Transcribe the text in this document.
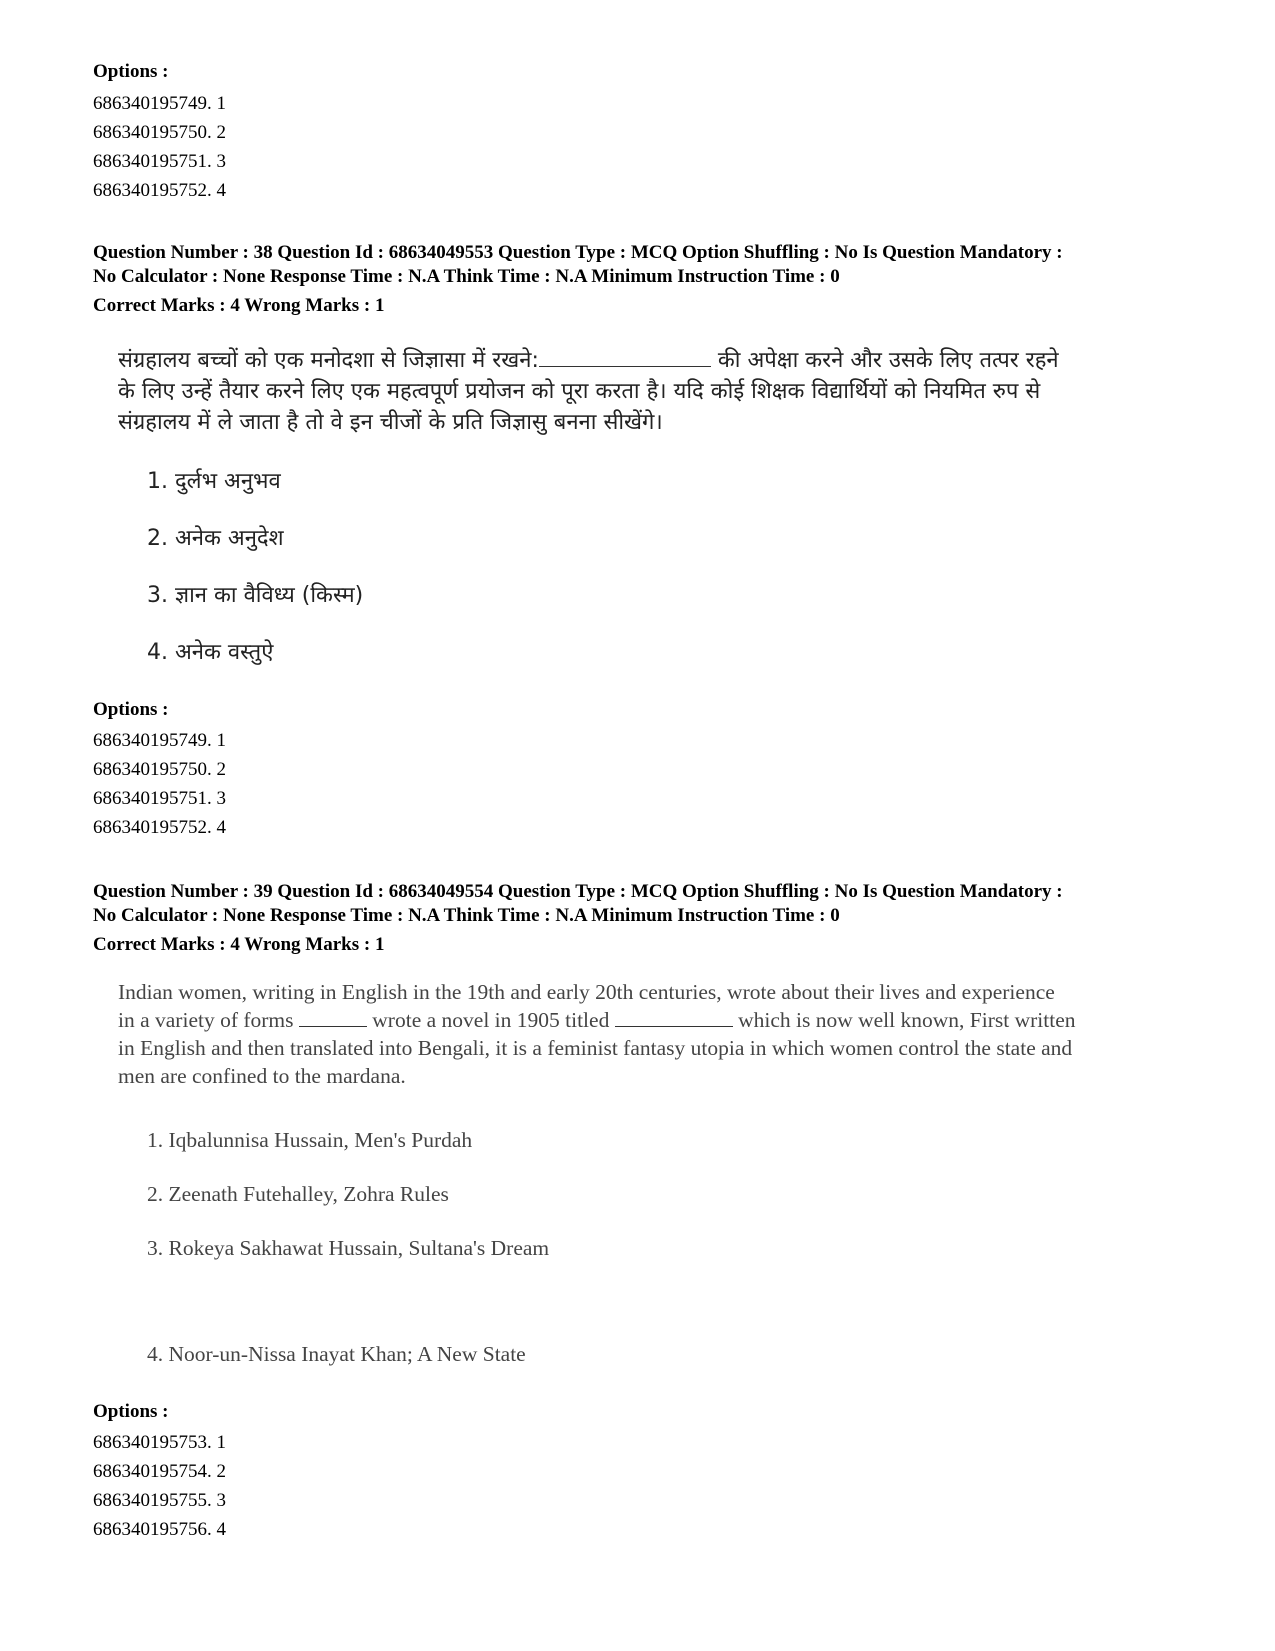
Options :
686340195749. 1
686340195750. 2
686340195751. 3
686340195752. 4
Question Number : 38 Question Id : 68634049553 Question Type : MCQ Option Shuffling : No Is Question Mandatory :
No Calculator : None Response Time : N.A Think Time : N.A Minimum Instruction Time : 0
Correct Marks : 4 Wrong Marks : 1
संग्रहालय बच्चों को एक मनोदशा से जिज्ञासा में रखने:	की अपेक्षा करने और उसके लिए तत्पर रहने
के लिए उन्हें तैयार करने लिए एक महत्वपूर्ण प्रयोजन को पूरा करता है। यदि कोई शिक्षक विद्यार्थियों को नियमित रुप से
संग्रहालय में ले जाता है तो वे इन चीजों के प्रति जिज्ञासु बनना सीखेंगे।
1. दुर्लभ अनुभव
2. अनेक अनुदेश
3. ज्ञान का वैविध्य (किस्म)
4. अनेक वस्तुऐ
Options :
686340195749. 1
686340195750. 2
686340195751. 3
686340195752. 4
Question Number : 39 Question Id : 68634049554 Question Type : MCQ Option Shuffling : No Is Question Mandatory :
No Calculator : None Response Time : N.A Think Time : N.A Minimum Instruction Time : 0
Correct Marks : 4 Wrong Marks : 1
Indian women, writing in English in the 19th and early 20th centuries, wrote about their lives and experience
in a variety of forms	wrote a novel in 1905 titled	which is now well known, First written
in English and then translated into Bengali, it is a feminist fantasy utopia in which women control the state and
men are confined to the mardana.
1. Iqbalunnisa Hussain, Men's Purdah
2. Zeenath Futehalley, Zohra Rules
3. Rokeya Sakhawat Hussain, Sultana's Dream
4. Noor-un-Nissa Inayat Khan; A New State
Options :
686340195753. 1
686340195754. 2
686340195755. 3
686340195756. 4
